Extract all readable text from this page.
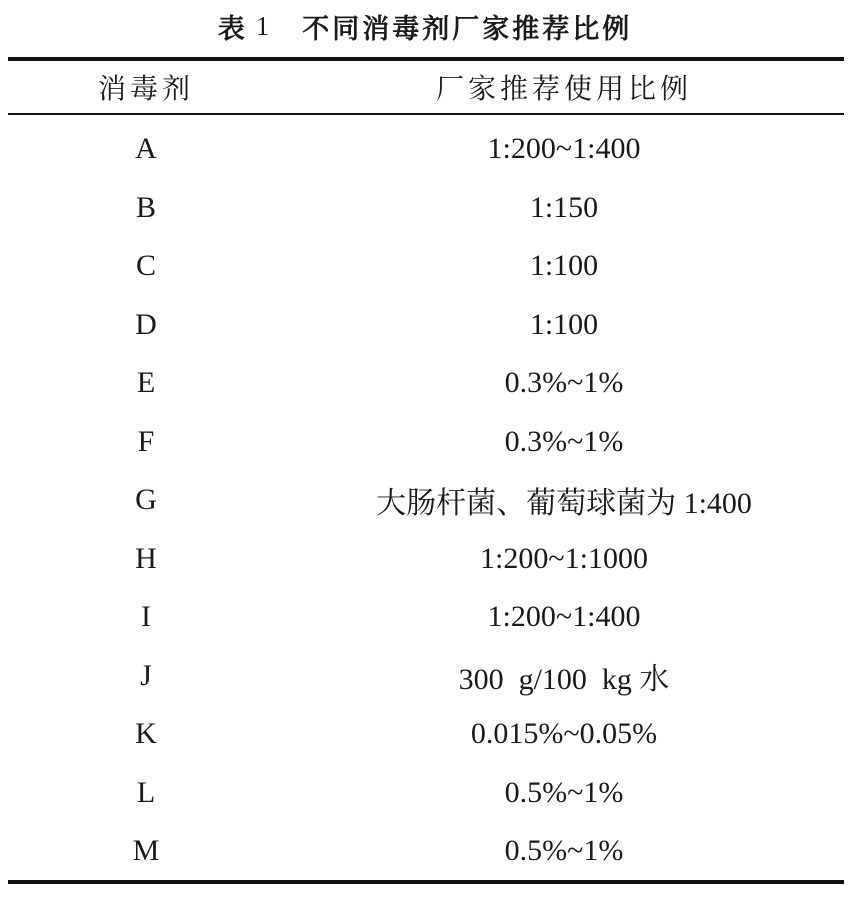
表 1 不同消毒剂厂家推荐比例
消毒剂	厂家推荐使用比例
A	1:200~1:400
B	1:150
C	1:100
D	1:100
E	0.3%~1%
F	0.3%~1%
G	大肠杆菌、葡萄球菌为 1:400
H	1:200~1:1000
I	1:200~1:400
J	300  g/100  kg 水
K	0.015%~0.05%
L	0.5%~1%
M	0.5%~1%
